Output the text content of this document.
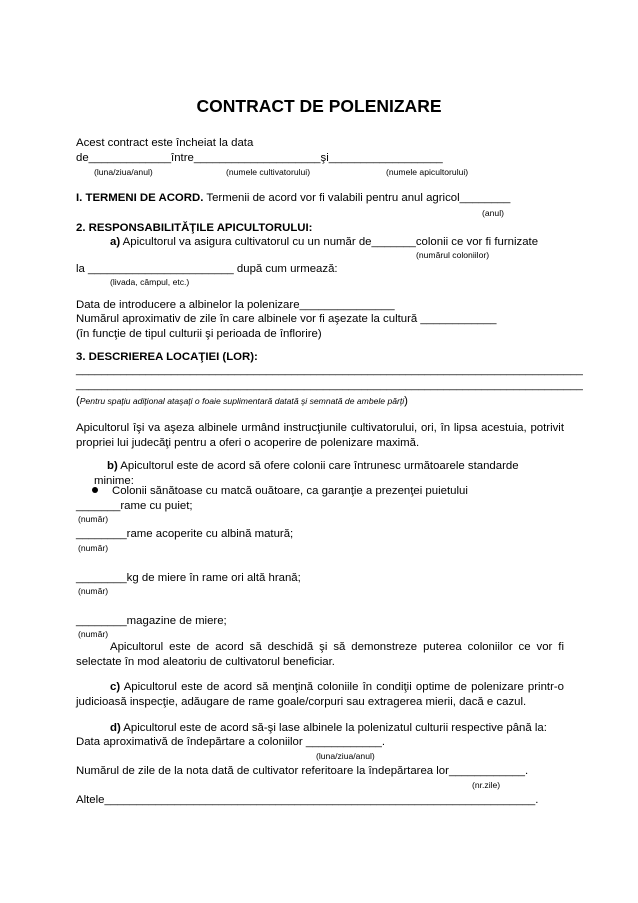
CONTRACT DE POLENIZARE
Acest contract este încheiat la data
de_____________între____________________şi__________________
(luna/ziua/anul)	(numele cultivatorului)	(numele apicultorului)
I. TERMENI DE ACORD. Termenii de acord vor fi valabili pentru anul agricol________
(anul)
2. RESPONSABILITĂŢILE APICULTORULUI:
a) Apicultorul va asigura cultivatorul cu un număr de_______colonii ce vor fi furnizate
(numărul coloniilor)
la _______________________ după cum urmează:
(livada, câmpul, etc.)
Data de introducere a albinelor la polenizare_______________
Numărul aproximativ de zile în care albinele vor fi aşezate la cultură ____________
(în funcţie de tipul culturii şi perioada de înflorire)
3. DESCRIEREA LOCAŢIEI (LOR):
________________________________________________________________________________
________________________________________________________________________________
(Pentru spaţiu adiţional ataşaţi o foaie suplimentară datată şi semnată de ambele părţi)
Apicultorul îşi va aşeza albinele urmând instrucţiunile cultivatorului, ori, în lipsa acestuia, potrivit propriei lui judecăţi pentru a oferi o acoperire de polenizare maximă.
b) Apicultorul este de acord să ofere colonii care întrunesc următoarele standarde
minime:
Colonii sănătoase cu matcă ouătoare, ca garanţie a prezenţei puietului
_______rame cu puiet;
(număr)
________rame acoperite cu albină matură;
(număr)
________kg de miere în rame ori altă hrană;
(număr)
________magazine de miere;
(număr)
Apicultorul este de acord să deschidă şi să demonstreze puterea coloniilor ce vor fi selectate în mod aleatoriu de cultivatorul beneficiar.
c) Apicultorul este de acord să menţină coloniile în condiţii optime de polenizare printr-o judicioasă inspecţie, adăugare de rame goale/corpuri sau extragerea mierii, dacă e cazul.
d) Apicultorul este de acord să-şi lase albinele la polenizatul culturii respective până la:
Data aproximativă de îndepărtare a coloniilor ____________.
(luna/ziua/anul)
Numărul de zile de la nota dată de cultivator referitoare la îndepărtarea lor____________.
(nr.zile)
Altele____________________________________________________________________.
